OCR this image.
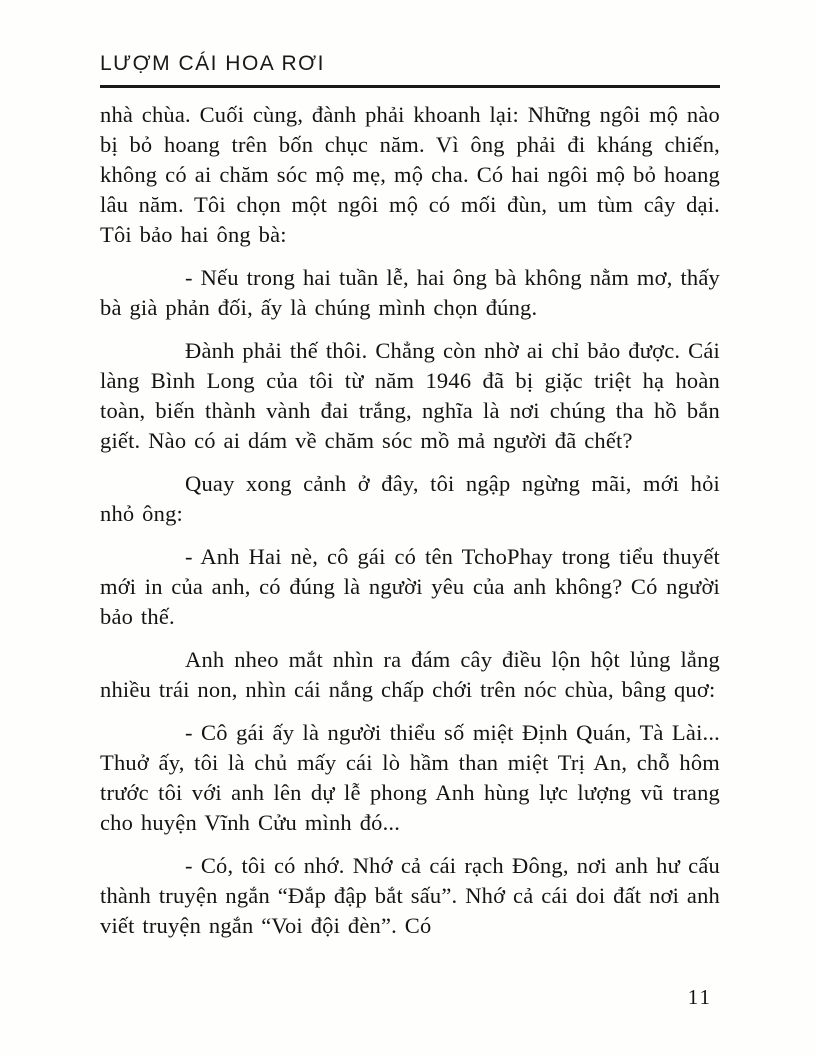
LƯỢM CÁI HOA RƠI

nhà chùa. Cuối cùng, đành phải khoanh lại: Những ngôi mộ nào bị bỏ hoang trên bốn chục năm. Vì ông phải đi kháng chiến, không có ai chăm sóc mộ mẹ, mộ cha. Có hai ngôi mộ bỏ hoang lâu năm. Tôi chọn một ngôi mộ có mối đùn, um tùm cây dại. Tôi bảo hai ông bà:

- Nếu trong hai tuần lễ, hai ông bà không nằm mơ, thấy bà già phản đối, ấy là chúng mình chọn đúng.

Đành phải thế thôi. Chẳng còn nhờ ai chỉ bảo được. Cái làng Bình Long của tôi từ năm 1946 đã bị giặc triệt hạ hoàn toàn, biến thành vành đai trắng, nghĩa là nơi chúng tha hồ bắn giết. Nào có ai dám về chăm sóc mồ mả người đã chết?

Quay xong cảnh ở đây, tôi ngập ngừng mãi, mới hỏi nhỏ ông:

- Anh Hai nè, cô gái có tên TchoPhay trong tiểu thuyết mới in của anh, có đúng là người yêu của anh không? Có người bảo thế.

Anh nheo mắt nhìn ra đám cây điều lộn hột lủng lẳng nhiều trái non, nhìn cái nắng chấp chới trên nóc chùa, bâng quơ:

- Cô gái ấy là người thiểu số miệt Định Quán, Tà Lài... Thuở ấy, tôi là chủ mấy cái lò hầm than miệt Trị An, chỗ hôm trước tôi với anh lên dự lễ phong Anh hùng lực lượng vũ trang cho huyện Vĩnh Cửu mình đó...

- Có, tôi có nhớ. Nhớ cả cái rạch Đông, nơi anh hư cấu thành truyện ngắn “Đắp đập bắt sấu”. Nhớ cả cái doi đất nơi anh viết truyện ngắn “Voi đội đèn”. Có

11
